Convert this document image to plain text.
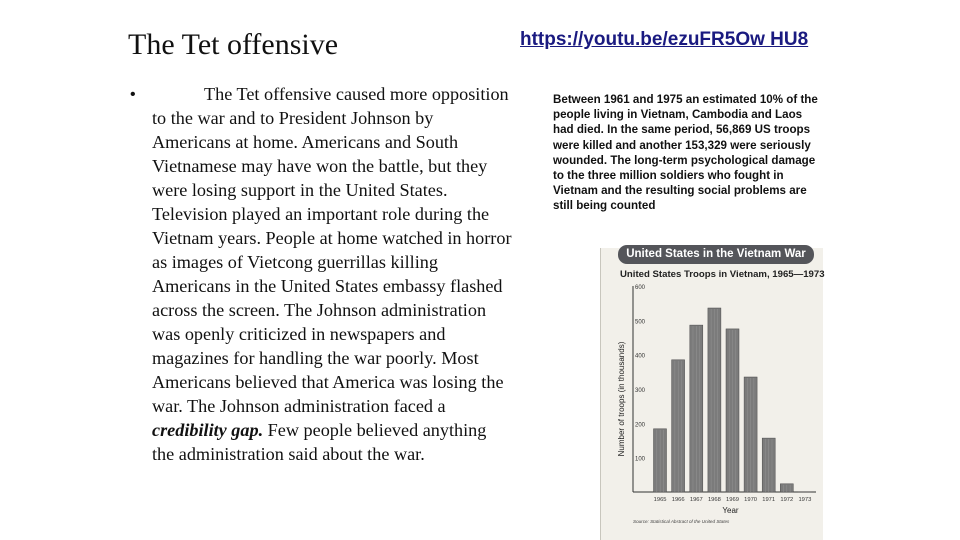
The Tet offensive
•	The Tet offensive caused more opposition to the war and to President Johnson by Americans at home. Americans and South Vietnamese may have won the battle, but they were losing support in the United States. Television played an important role during the Vietnam years. People at home watched in horror as images of Vietcong guerrillas killing Americans in the United States embassy flashed across the screen. The Johnson administration was openly criticized in newspapers and magazines for handling the war poorly. Most Americans believed that America was losing the war. The Johnson administration faced a credibility gap. Few people believed anything the administration said about the war.
https://youtu.be/ezuFR5Ow HU8
Between 1961 and 1975 an estimated 10% of the people living in Vietnam, Cambodia and Laos had died. In the same period, 56,869 US troops were killed and another 153,329 were seriously wounded. The long-term psychological damage to the three million soldiers who fought in Vietnam and the resulting social problems are still being counted
United States in the Vietnam War
United States Troops in Vietnam, 1965—1973
Number of troops (in thousands)
Year
Source: Statistical Abstract of the United States
100
200
300
400
500
600
1965 1966 1967 1968 1969 1970 1971 1972 1973
